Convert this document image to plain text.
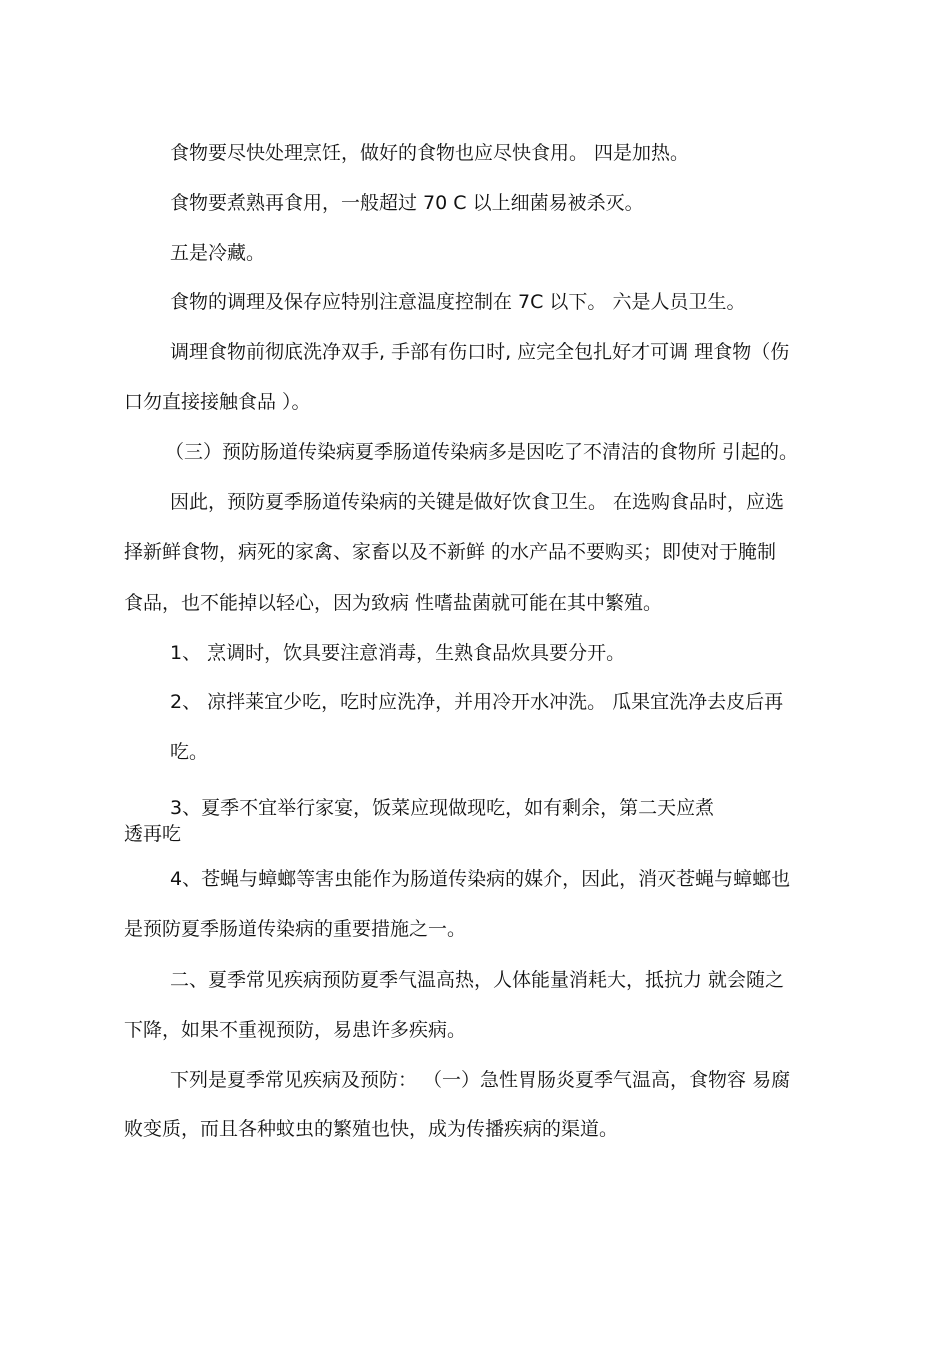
食物要尽快处理烹饪，做好的食物也应尽快食用。 四是加热。
食物要煮熟再食用，一般超过 70 C 以上细菌易被杀灭。
五是冷藏。
食物的调理及保存应特别注意温度控制在 7C 以下。 六是人员卫生。
调理食物前彻底洗净双手, 手部有伤口时, 应完全包扎好才可调 理食物（伤
口勿直接接触食品 ）。
（三）预防肠道传染病夏季肠道传染病多是因吃了不清洁的食物所 引起的。
因此，预防夏季肠道传染病的关键是做好饮食卫生。 在选购食品时，应选
择新鲜食物，病死的家禽、家畜以及不新鲜 的水产品不要购买；即使对于腌制
食品，也不能掉以轻心，因为致病 性嗜盐菌就可能在其中繁殖。
1、 烹调时，饮具要注意消毒，生熟食品炊具要分开。
2、 凉拌莱宜少吃，吃时应洗净，并用冷开水冲洗。 瓜果宜洗净去皮后再
吃。
3、夏季不宜举行家宴，饭菜应现做现吃，如有剩余，第二天应煮
透再吃
4、苍蝇与蟑螂等害虫能作为肠道传染病的媒介，因此，消灭苍蝇与蟑螂也
是预防夏季肠道传染病的重要措施之一。
二、夏季常见疾病预防夏季气温高热，人体能量消耗大，抵抗力 就会随之
下降，如果不重视预防，易患许多疾病。
下列是夏季常见疾病及预防： （一）急性胃肠炎夏季气温高，食物容 易腐
败变质，而且各种蚊虫的繁殖也快，成为传播疾病的渠道。
